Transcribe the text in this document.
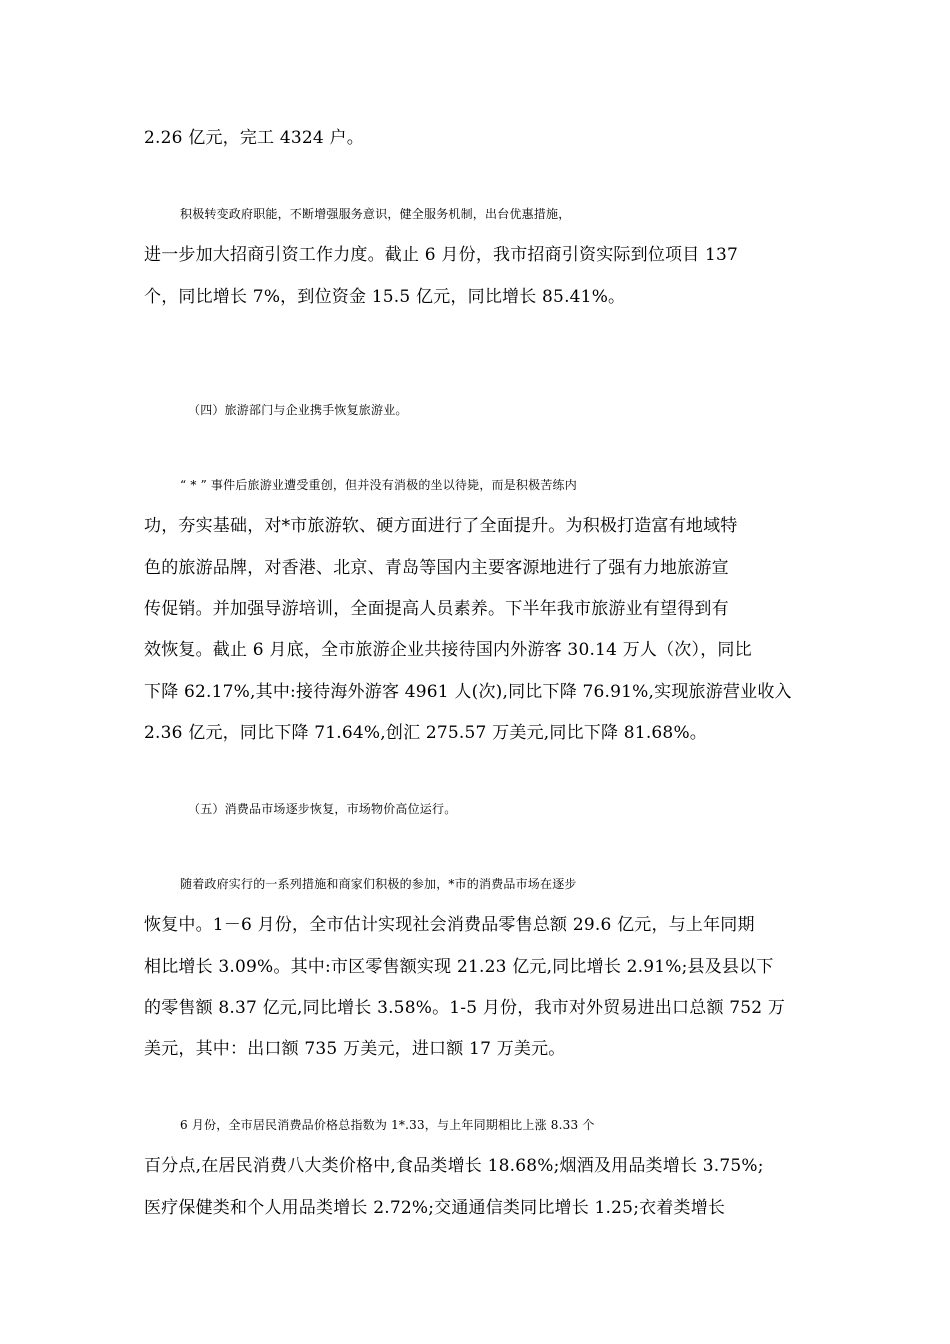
2.26 亿元，完工 4324 户。
积极转变政府职能，不断增强服务意识，健全服务机制，出台优惠措施，
进一步加大招商引资工作力度。截止 6 月份，我市招商引资实际到位项目 137
个，同比增长 7%，到位资金 15.5 亿元，同比增长 85.41%。
（四）旅游部门与企业携手恢复旅游业。
“ * ” 事件后旅游业遭受重创，但并没有消极的坐以待毙，而是积极苦练内
功，夯实基础，对*市旅游软、硬方面进行了全面提升。为积极打造富有地域特
色的旅游品牌，对香港、北京、青岛等国内主要客源地进行了强有力地旅游宣
传促销。并加强导游培训，全面提高人员素养。下半年我市旅游业有望得到有
效恢复。截止 6 月底，全市旅游企业共接待国内外游客 30.14 万人（次），同比
下降 62.17%,其中:接待海外游客 4961 人(次),同比下降 76.91%,实现旅游营业收入
2.36 亿元，同比下降 71.64%,创汇 275.57 万美元,同比下降 81.68%。
（五）消费品市场逐步恢复，市场物价高位运行。
随着政府实行的一系列措施和商家们积极的参加，*市的消费品市场在逐步
恢复中。1－6 月份，全市估计实现社会消费品零售总额 29.6 亿元，与上年同期
相比增长 3.09%。其中:市区零售额实现 21.23 亿元,同比增长 2.91%;县及县以下
的零售额 8.37 亿元,同比增长 3.58%。1-5 月份，我市对外贸易进出口总额 752 万
美元，其中：出口额 735 万美元，进口额 17 万美元。
6 月份，全市居民消费品价格总指数为 1*.33，与上年同期相比上涨 8.33 个
百分点,在居民消费八大类价格中,食品类增长 18.68%;烟酒及用品类增长 3.75%;
医疗保健类和个人用品类增长 2.72%;交通通信类同比增长 1.25;衣着类增长
